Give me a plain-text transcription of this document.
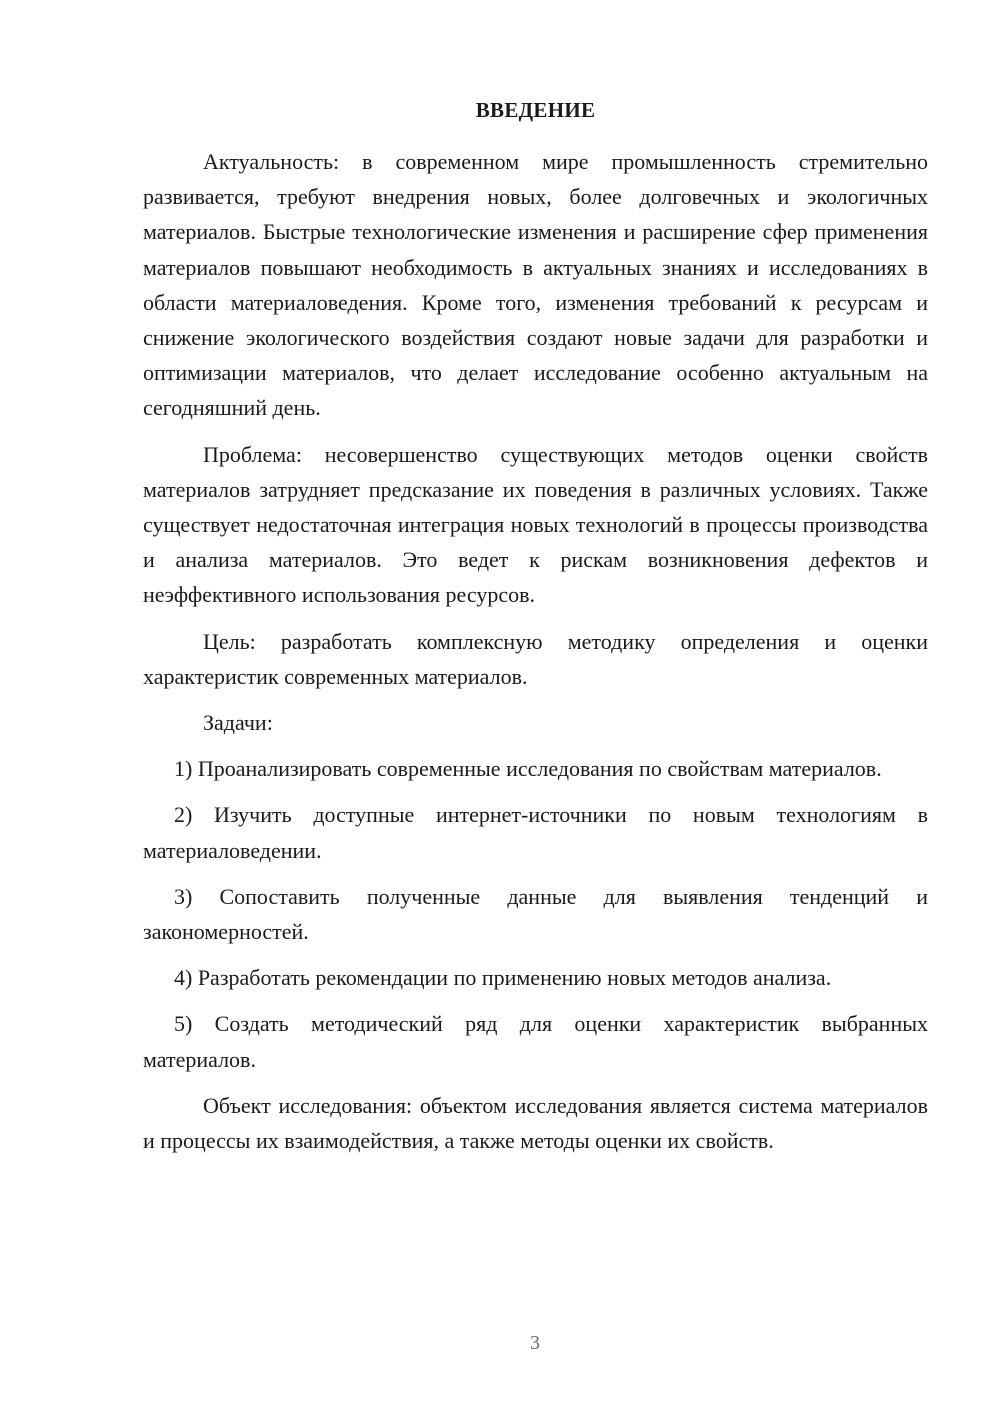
ВВЕДЕНИЕ

Актуальность: в современном мире промышленность стремительно развивается, требуют внедрения новых, более долговечных и экологичных материалов. Быстрые технологические изменения и расширение сфер применения материалов повышают необходимость в актуальных знаниях и исследованиях в области материаловедения. Кроме того, изменения требований к ресурсам и снижение экологического воздействия создают новые задачи для разработки и оптимизации материалов, что делает исследование особенно актуальным на сегодняшний день.

Проблема: несовершенство существующих методов оценки свойств материалов затрудняет предсказание их поведения в различных условиях. Также существует недостаточная интеграция новых технологий в процессы производства и анализа материалов. Это ведет к рискам возникновения дефектов и неэффективного использования ресурсов.

Цель: разработать комплексную методику определения и оценки характеристик современных материалов.

Задачи:

1) Проанализировать современные исследования по свойствам материалов.

2) Изучить доступные интернет-источники по новым технологиям в материаловедении.

3) Сопоставить полученные данные для выявления тенденций и закономерностей.

4) Разработать рекомендации по применению новых методов анализа.

5) Создать методический ряд для оценки характеристик выбранных материалов.

Объект исследования: объектом исследования является система материалов и процессы их взаимодействия, а также методы оценки их свойств.

3
